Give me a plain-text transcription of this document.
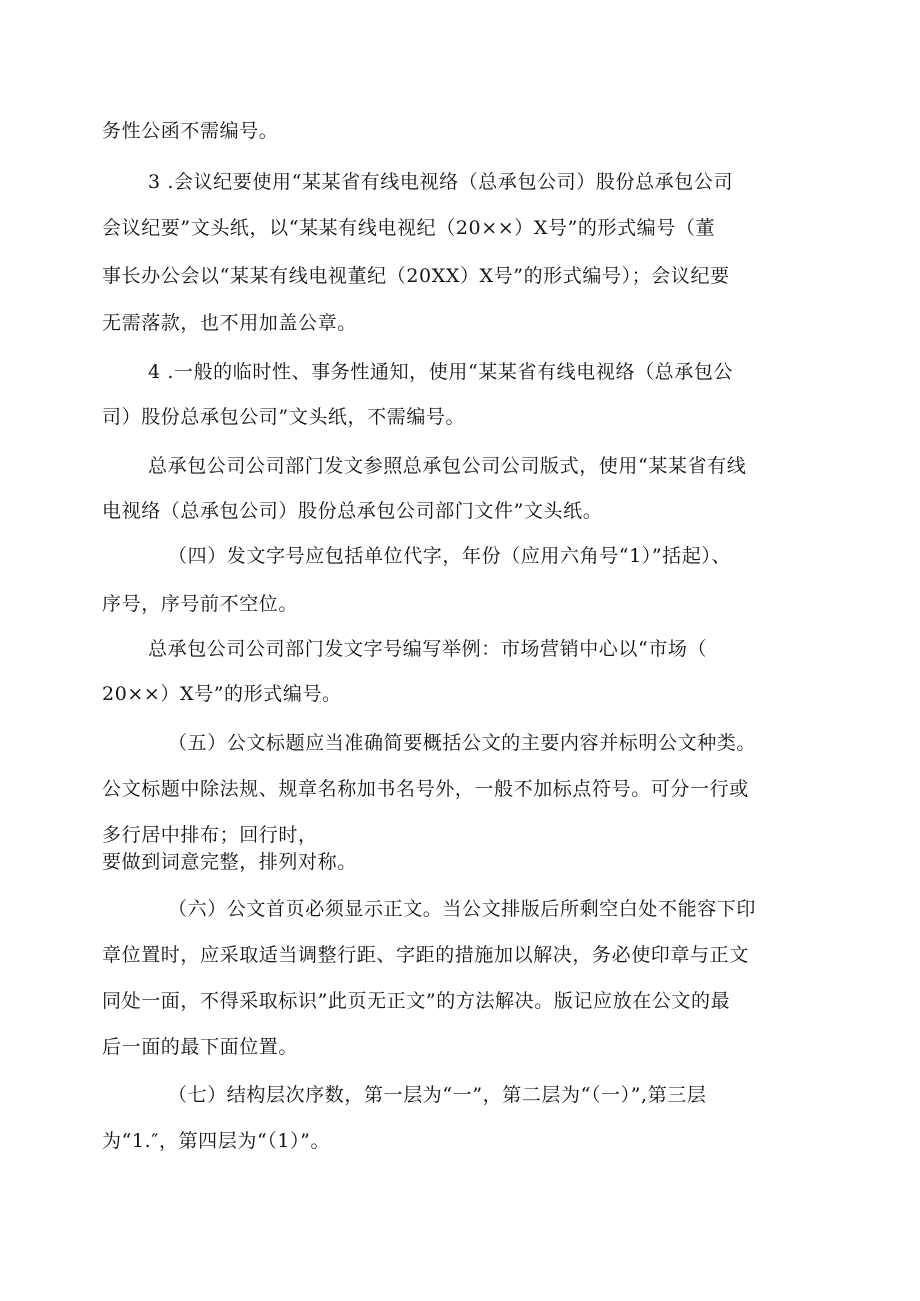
务性公函不需编号。

3 .会议纪要使用“某某省有线电视络（总承包公司）股份总承包公司

会议纪要”文头纸，以“某某有线电视纪（20××）X号”的形式编号（董

事长办公会以“某某有线电视董纪（20XX）X号”的形式编号）；会议纪要

无需落款，也不用加盖公章。

4 .一般的临时性、事务性通知，使用“某某省有线电视络（总承包公

司）股份总承包公司”文头纸，不需编号。

总承包公司公司部门发文参照总承包公司公司版式，使用“某某省有线

电视络（总承包公司）股份总承包公司部门文件”文头纸。

（四）发文字号应包括单位代字，年份（应用六角号“1）”括起）、

序号，序号前不空位。

总承包公司公司部门发文字号编写举例：市场营销中心以“市场（

20××）X号”的形式编号。

（五）公文标题应当准确简要概括公文的主要内容并标明公文种类。

公文标题中除法规、规章名称加书名号外，一般不加标点符号。可分一行或

多行居中排布；回行时，

要做到词意完整，排列对称。

（六）公文首页必须显示正文。当公文排版后所剩空白处不能容下印

章位置时，应采取适当调整行距、字距的措施加以解决，务必使印章与正文

同处一面，不得采取标识”此页无正文”的方法解决。版记应放在公文的最

后一面的最下面位置。

（七）结构层次序数，第一层为“一”，第二层为“（一）”,第三层

为“1.″，第四层为“（1）”。
